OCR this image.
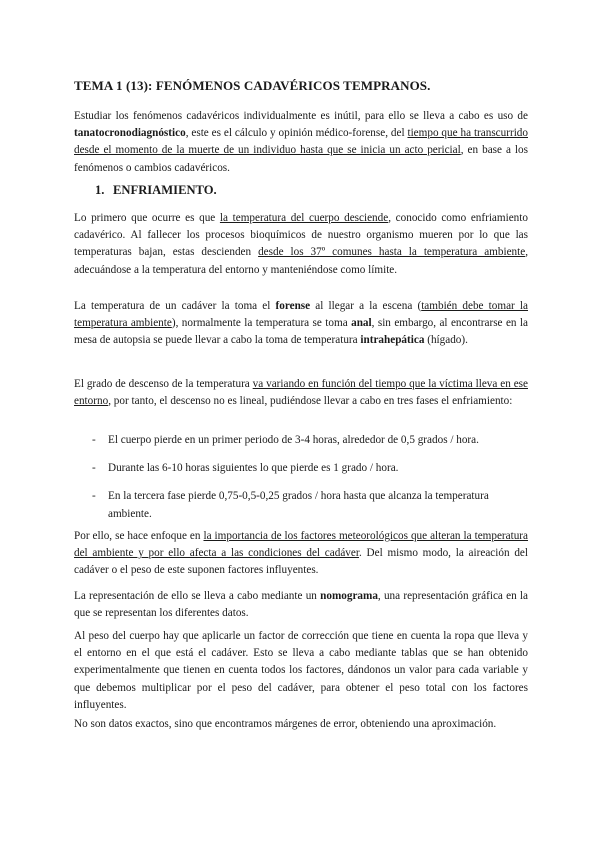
TEMA 1 (13): FENÓMENOS CADAVÉRICOS TEMPRANOS.

Estudiar los fenómenos cadavéricos individualmente es inútil, para ello se lleva a cabo es uso de tanatocronodiagnóstico, este es el cálculo y opinión médico-forense, del tiempo que ha transcurrido desde el momento de la muerte de un individuo hasta que se inicia un acto pericial, en base a los fenómenos o cambios cadavéricos.

1. ENFRIAMIENTO.

Lo primero que ocurre es que la temperatura del cuerpo desciende, conocido como enfriamiento cadavérico. Al fallecer los procesos bioquímicos de nuestro organismo mueren por lo que las temperaturas bajan, estas descienden desde los 37º comunes hasta la temperatura ambiente, adecuándose a la temperatura del entorno y manteniéndose como límite.

La temperatura de un cadáver la toma el forense al llegar a la escena (también debe tomar la temperatura ambiente), normalmente la temperatura se toma anal, sin embargo, al encontrarse en la mesa de autopsia se puede llevar a cabo la toma de temperatura intrahepática (hígado).

El grado de descenso de la temperatura va variando en función del tiempo que la víctima lleva en ese entorno, por tanto, el descenso no es lineal, pudiéndose llevar a cabo en tres fases el enfriamiento:

- El cuerpo pierde en un primer periodo de 3-4 horas, alrededor de 0,5 grados / hora.
- Durante las 6-10 horas siguientes lo que pierde es 1 grado / hora.
- En la tercera fase pierde 0,75-0,5-0,25 grados / hora hasta que alcanza la temperatura ambiente.

Por ello, se hace enfoque en la importancia de los factores meteorológicos que alteran la temperatura del ambiente y por ello afecta a las condiciones del cadáver. Del mismo modo, la aireación del cadáver o el peso de este suponen factores influyentes.

La representación de ello se lleva a cabo mediante un nomograma, una representación gráfica en la que se representan los diferentes datos.

Al peso del cuerpo hay que aplicarle un factor de corrección que tiene en cuenta la ropa que lleva y el entorno en el que está el cadáver. Esto se lleva a cabo mediante tablas que se han obtenido experimentalmente que tienen en cuenta todos los factores, dándonos un valor para cada variable y que debemos multiplicar por el peso del cadáver, para obtener el peso total con los factores influyentes.

No son datos exactos, sino que encontramos márgenes de error, obteniendo una aproximación.
